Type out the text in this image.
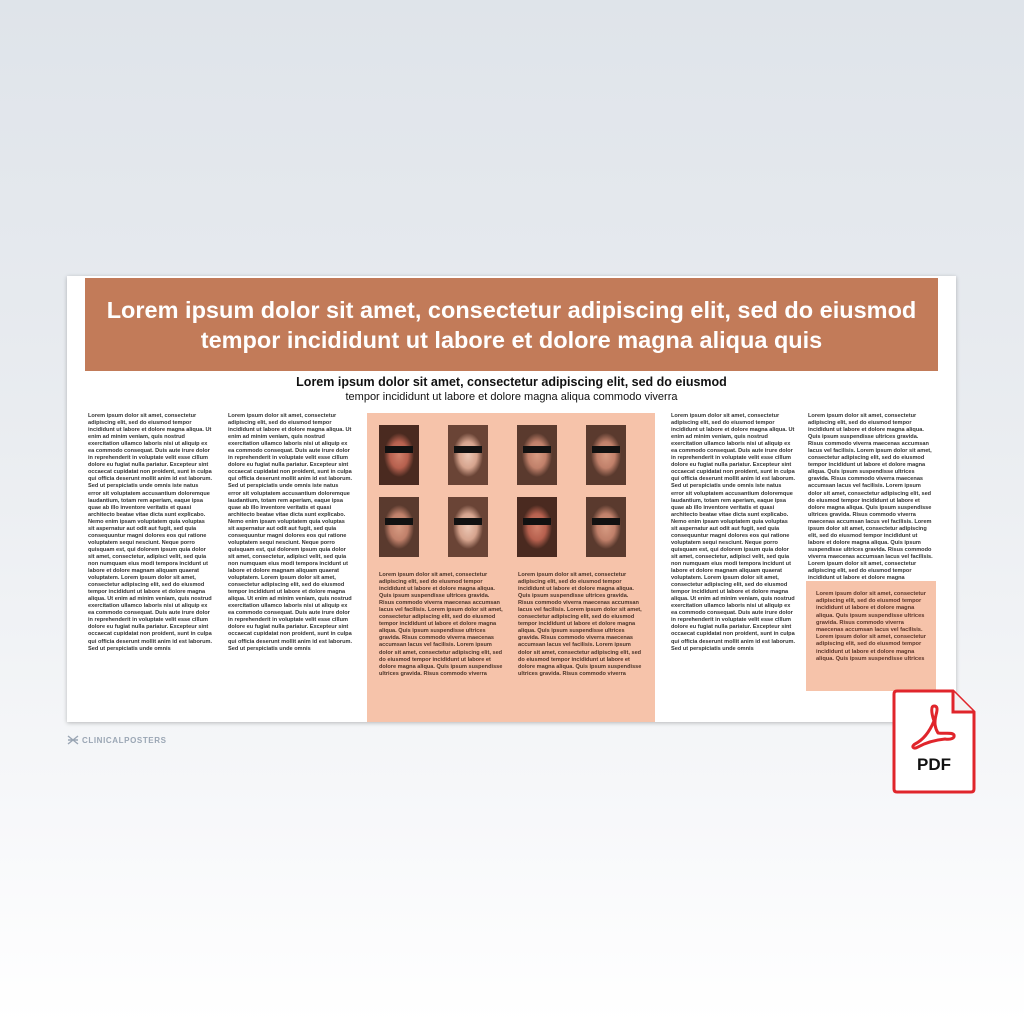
Lorem ipsum dolor sit amet, consectetur adipiscing elit, sed do eiusmod tempor incididunt ut labore et dolore magna aliqua quis

Lorem ipsum dolor sit amet, consectetur adipiscing elit, sed do eiusmod
tempor incididunt ut labore et dolore magna aliqua commodo viverra
Lorem ipsum dolor sit amet, consectetur adipiscing elit, sed do eiusmod tempor incididunt ut labore et dolore magna aliqua. Ut enim ad minim veniam, quis nostrud exercitation ullamco laboris nisi ut aliquip ex ea commodo consequat. Duis aute irure dolor in reprehenderit in voluptate velit esse cillum dolore eu fugiat nulla pariatur. Excepteur sint occaecat cupidatat non proident, sunt in culpa qui officia deserunt mollit anim id est laborum. Sed ut perspiciatis unde omnis iste natus error sit voluptatem accusantium doloremque laudantium, totam rem aperiam, eaque ipsa quae ab illo inventore veritatis et quasi architecto beatae vitae dicta sunt explicabo. Nemo enim ipsam voluptatem quia voluptas sit aspernatur aut odit aut fugit, sed quia consequuntur magni dolores eos qui ratione voluptatem sequi nesciunt. Neque porro quisquam est, qui dolorem ipsum quia dolor sit amet, consectetur, adipisci velit, sed quia non numquam eius modi tempora incidunt ut labore et dolore magnam aliquam quaerat voluptatem. Lorem ipsum dolor sit amet, consectetur adipiscing elit, sed do eiusmod tempor incididunt ut labore et dolore magna aliqua. Ut enim ad minim veniam, quis nostrud exercitation ullamco laboris nisi ut aliquip ex ea commodo consequat. Duis aute irure dolor in reprehenderit in voluptate velit esse cillum dolore eu fugiat nulla pariatur. Excepteur sint occaecat cupidatat non proident, sunt in culpa qui officia deserunt mollit anim id est laborum. Sed ut perspiciatis unde omnis
Lorem ipsum dolor sit amet, consectetur adipiscing elit, sed do eiusmod tempor incididunt ut labore et dolore magna aliqua. Ut enim ad minim veniam, quis nostrud exercitation ullamco laboris nisi ut aliquip ex ea commodo consequat. Duis aute irure dolor in reprehenderit in voluptate velit esse cillum dolore eu fugiat nulla pariatur. Excepteur sint occaecat cupidatat non proident, sunt in culpa qui officia deserunt mollit anim id est laborum. Sed ut perspiciatis unde omnis iste natus error sit voluptatem accusantium doloremque laudantium, totam rem aperiam, eaque ipsa quae ab illo inventore veritatis et quasi architecto beatae vitae dicta sunt explicabo. Nemo enim ipsam voluptatem quia voluptas sit aspernatur aut odit aut fugit, sed quia consequuntur magni dolores eos qui ratione voluptatem sequi nesciunt. Neque porro quisquam est, qui dolorem ipsum quia dolor sit amet, consectetur, adipisci velit, sed quia non numquam eius modi tempora incidunt ut labore et dolore magnam aliquam quaerat voluptatem. Lorem ipsum dolor sit amet, consectetur adipiscing elit, sed do eiusmod tempor incididunt ut labore et dolore magna aliqua. Ut enim ad minim veniam, quis nostrud exercitation ullamco laboris nisi ut aliquip ex ea commodo consequat. Duis aute irure dolor in reprehenderit in voluptate velit esse cillum dolore eu fugiat nulla pariatur. Excepteur sint occaecat cupidatat non proident, sunt in culpa qui officia deserunt mollit anim id est laborum. Sed ut perspiciatis unde omnis
Lorem ipsum dolor sit amet, consectetur adipiscing elit, sed do eiusmod tempor incididunt ut labore et dolore magna aliqua. Quis ipsum suspendisse ultrices gravida. Risus commodo viverra maecenas accumsan lacus vel facilisis. Lorem ipsum dolor sit amet, consectetur adipiscing elit, sed do eiusmod tempor incididunt ut labore et dolore magna aliqua. Quis ipsum suspendisse ultrices gravida. Risus commodo viverra maecenas accumsan lacus vel facilisis. Lorem ipsum dolor sit amet, consectetur adipiscing elit, sed do eiusmod tempor incididunt ut labore et dolore magna aliqua. Quis ipsum suspendisse ultrices gravida. Risus commodo viverra
Lorem ipsum dolor sit amet, consectetur adipiscing elit, sed do eiusmod tempor incididunt ut labore et dolore magna aliqua. Quis ipsum suspendisse ultrices gravida. Risus commodo viverra maecenas accumsan lacus vel facilisis. Lorem ipsum dolor sit amet, consectetur adipiscing elit, sed do eiusmod tempor incididunt ut labore et dolore magna aliqua. Quis ipsum suspendisse ultrices gravida. Risus commodo viverra maecenas accumsan lacus vel facilisis. Lorem ipsum dolor sit amet, consectetur adipiscing elit, sed do eiusmod tempor incididunt ut labore et dolore magna aliqua. Quis ipsum suspendisse ultrices gravida. Risus commodo viverra
Lorem ipsum dolor sit amet, consectetur adipiscing elit, sed do eiusmod tempor incididunt ut labore et dolore magna aliqua. Ut enim ad minim veniam, quis nostrud exercitation ullamco laboris nisi ut aliquip ex ea commodo consequat. Duis aute irure dolor in reprehenderit in voluptate velit esse cillum dolore eu fugiat nulla pariatur. Excepteur sint occaecat cupidatat non proident, sunt in culpa qui officia deserunt mollit anim id est laborum. Sed ut perspiciatis unde omnis iste natus error sit voluptatem accusantium doloremque laudantium, totam rem aperiam, eaque ipsa quae ab illo inventore veritatis et quasi architecto beatae vitae dicta sunt explicabo. Nemo enim ipsam voluptatem quia voluptas sit aspernatur aut odit aut fugit, sed quia consequuntur magni dolores eos qui ratione voluptatem sequi nesciunt. Neque porro quisquam est, qui dolorem ipsum quia dolor sit amet, consectetur, adipisci velit, sed quia non numquam eius modi tempora incidunt ut labore et dolore magnam aliquam quaerat voluptatem. Lorem ipsum dolor sit amet, consectetur adipiscing elit, sed do eiusmod tempor incididunt ut labore et dolore magna aliqua. Ut enim ad minim veniam, quis nostrud exercitation ullamco laboris nisi ut aliquip ex ea commodo consequat. Duis aute irure dolor in reprehenderit in voluptate velit esse cillum dolore eu fugiat nulla pariatur. Excepteur sint occaecat cupidatat non proident, sunt in culpa qui officia deserunt mollit anim id est laborum. Sed ut perspiciatis unde omnis
Lorem ipsum dolor sit amet, consectetur adipiscing elit, sed do eiusmod tempor incididunt ut labore et dolore magna aliqua. Quis ipsum suspendisse ultrices gravida. Risus commodo viverra maecenas accumsan lacus vel facilisis. Lorem ipsum dolor sit amet, consectetur adipiscing elit, sed do eiusmod tempor incididunt ut labore et dolore magna aliqua. Quis ipsum suspendisse ultrices gravida. Risus commodo viverra maecenas accumsan lacus vel facilisis. Lorem ipsum dolor sit amet, consectetur adipiscing elit, sed do eiusmod tempor incididunt ut labore et dolore magna aliqua. Quis ipsum suspendisse ultrices gravida. Risus commodo viverra maecenas accumsan lacus vel facilisis. Lorem ipsum dolor sit amet, consectetur adipiscing elit, sed do eiusmod tempor incididunt ut labore et dolore magna aliqua. Quis ipsum suspendisse ultrices gravida. Risus commodo viverra maecenas accumsan lacus vel facilisis. Lorem ipsum dolor sit amet, consectetur adipiscing elit, sed do eiusmod tempor incididunt ut labore et dolore magna
Lorem ipsum dolor sit amet, consectetur adipiscing elit, sed do eiusmod tempor incididunt ut labore et dolore magna aliqua. Quis ipsum suspendisse ultrices gravida. Risus commodo viverra maecenas accumsan lacus vel facilisis. Lorem ipsum dolor sit amet, consectetur adipiscing elit, sed do eiusmod tempor incididunt ut labore et dolore magna aliqua. Quis ipsum suspendisse ultrices
CLINICALPOSTERS
PDF
